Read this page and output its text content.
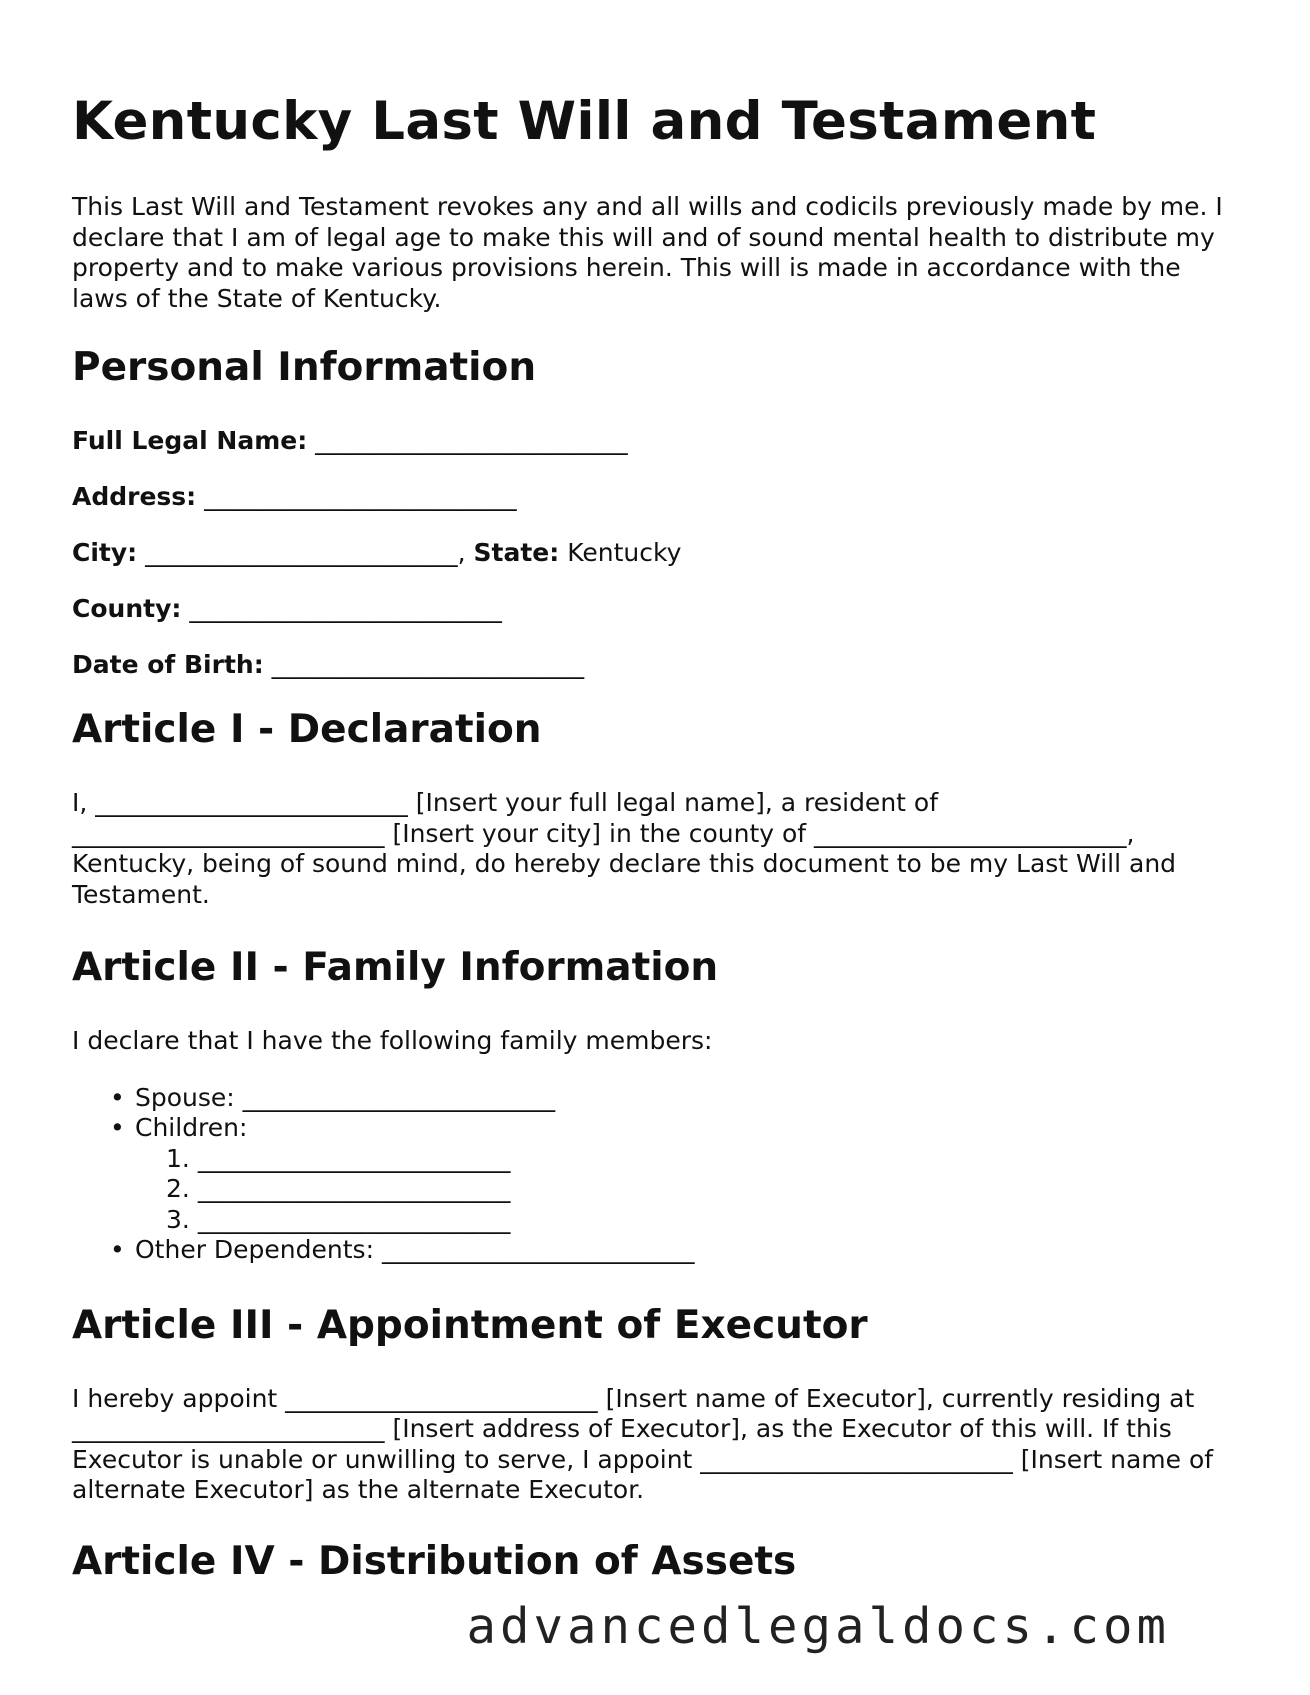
Kentucky Last Will and Testament

This Last Will and Testament revokes any and all wills and codicils previously made by me. I declare that I am of legal age to make this will and of sound mental health to distribute my property and to make various provisions herein. This will is made in accordance with the laws of the State of Kentucky.

Personal Information

Full Legal Name: _________________________

Address: _________________________

City: _________________________, State: Kentucky

County: _________________________

Date of Birth: _________________________

Article I - Declaration

I, _________________________ [Insert your full legal name], a resident of _________________________ [Insert your city] in the county of _________________________, Kentucky, being of sound mind, do hereby declare this document to be my Last Will and Testament.

Article II - Family Information

I declare that I have the following family members:

• Spouse: _________________________
• Children:
1. _________________________
2. _________________________
3. _________________________
• Other Dependents: _________________________
Article III - Appointment of Executor

I hereby appoint _________________________ [Insert name of Executor], currently residing at _________________________ [Insert address of Executor], as the Executor of this will. If this Executor is unable or unwilling to serve, I appoint _________________________ [Insert name of alternate Executor] as the alternate Executor.

Article IV - Distribution of Assets
advancedlegaldocs.com
